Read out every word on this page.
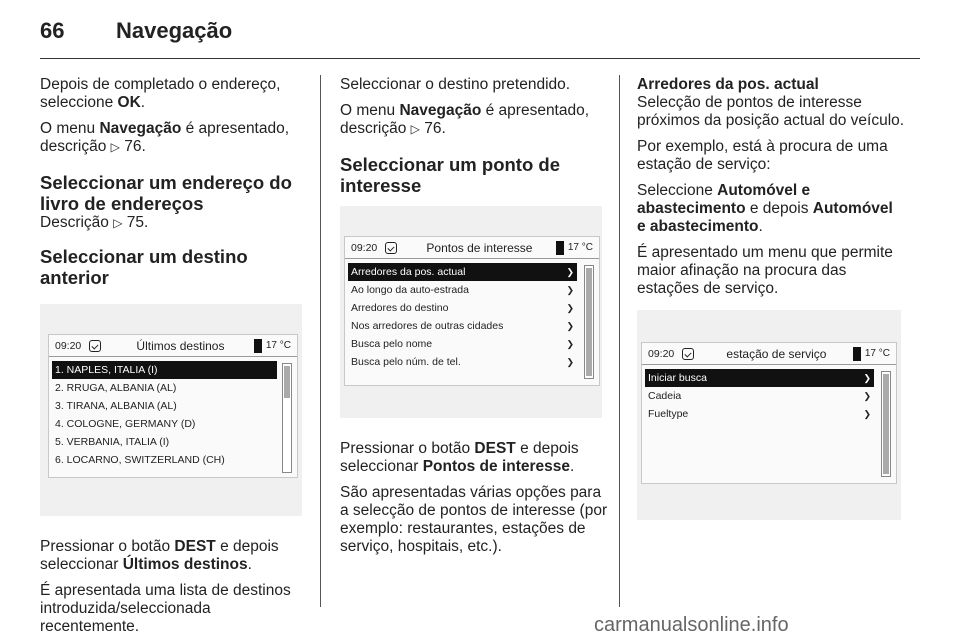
66	Navegação

Depois de completado o endereço, seleccione OK.

O menu Navegação é apresentado, descrição ▷ 76.

Seleccionar um endereço do livro de endereços

Descrição ▷ 75.

Seleccionar um destino anterior
09:20	Últimos destinos	17 °C
1. NAPLES, ITALIA (I)
2. RRUGA, ALBANIA (AL)
3. TIRANA, ALBANIA (AL)
4. COLOGNE, GERMANY (D)
5. VERBANIA, ITALIA (I)
6. LOCARNO, SWITZERLAND (CH)

Pressionar o botão DEST e depois seleccionar Últimos destinos.

É apresentada uma lista de destinos introduzida/seleccionada recentemente.

Seleccionar o destino pretendido.

O menu Navegação é apresentado, descrição ▷ 76.

Seleccionar um ponto de interesse
09:20	Pontos de interesse	17 °C
Arredores da pos. actual	❯
Ao longo da auto-estrada	❯
Arredores do destino	❯
Nos arredores de outras cidades	❯
Busca pelo nome	❯
Busca pelo núm. de tel.	❯

Pressionar o botão DEST e depois seleccionar Pontos de interesse.

São apresentadas várias opções para a selecção de pontos de interesse (por exemplo: restaurantes, estações de serviço, hospitais, etc.).

Arredores da pos. actual
Selecção de pontos de interesse próximos da posição actual do veículo.

Por exemplo, está à procura de uma estação de serviço:

Seleccione Automóvel e abastecimento e depois Automóvel e abastecimento.

É apresentado um menu que permite maior afinação na procura das estações de serviço.

09:20	estação de serviço	17 °C
Iniciar busca	❯
Cadeia	❯
Fueltype	❯
carmanualsonline.info
